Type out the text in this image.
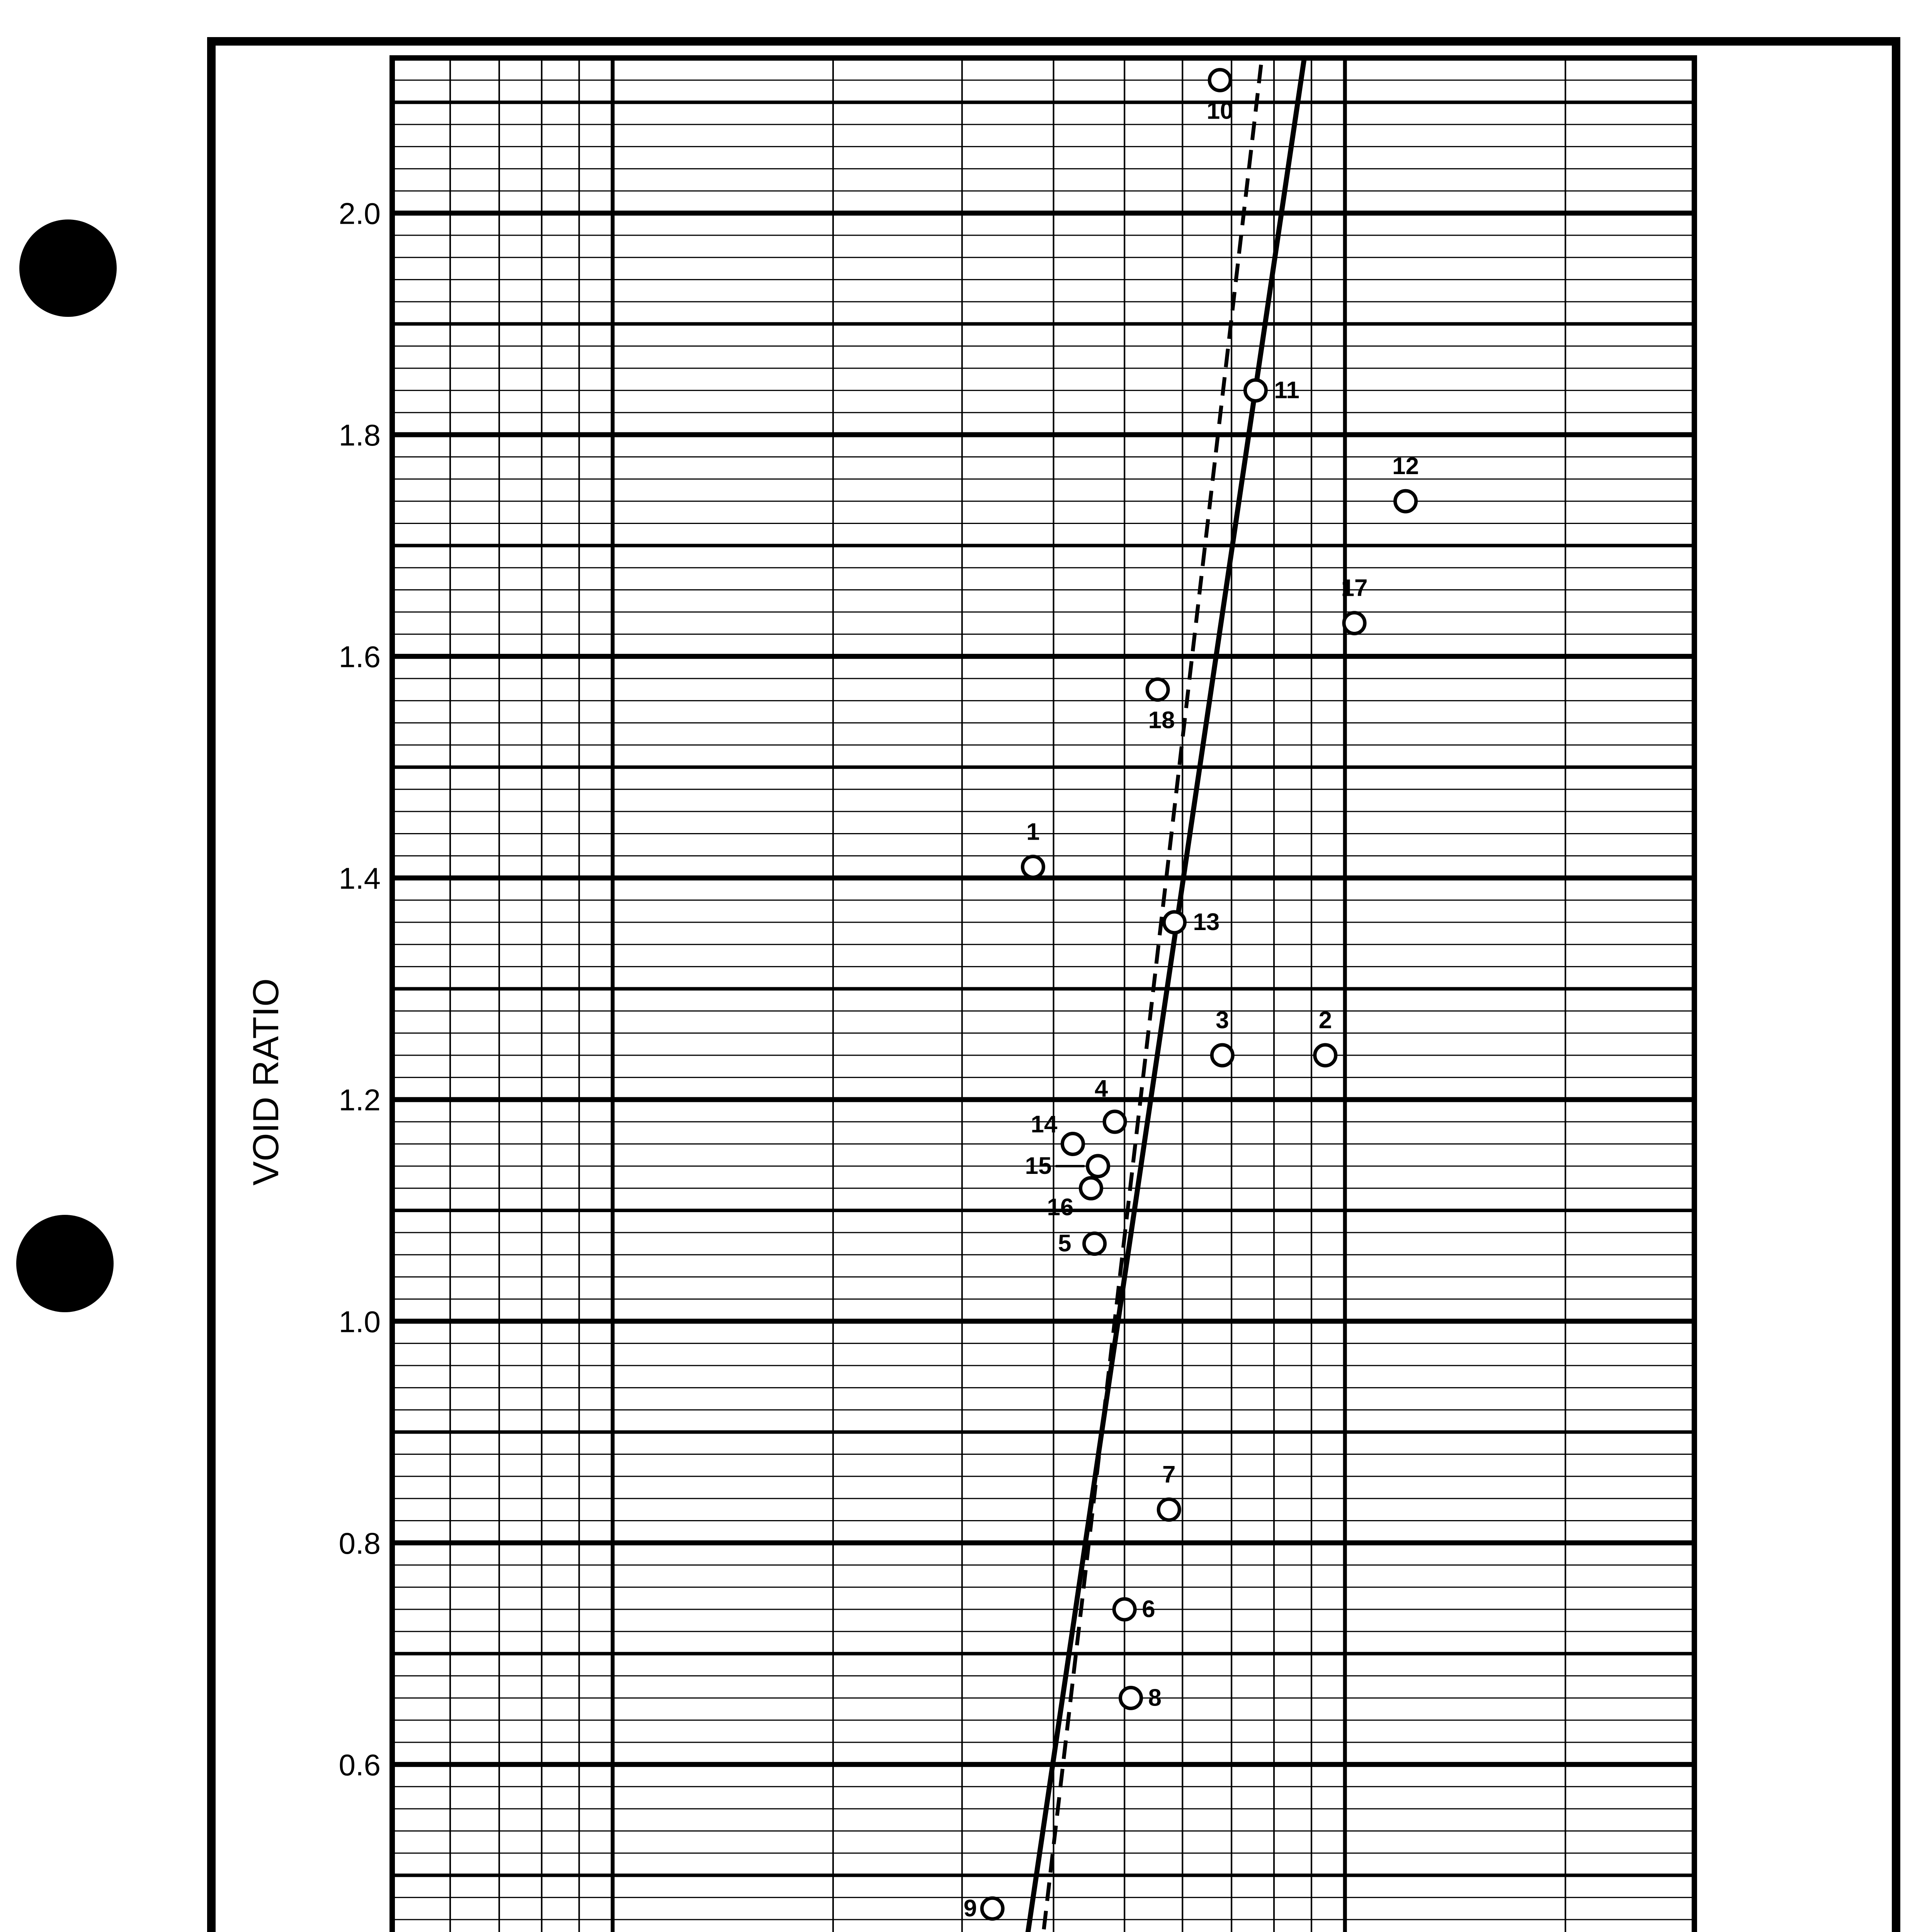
1
2
3
4
5
6
7
8
9
10
11
12
13
14
15
16
17
18
0.6
0.8
1.0
1.2
1.4
1.6
1.8
2.0
VOID RATIO
